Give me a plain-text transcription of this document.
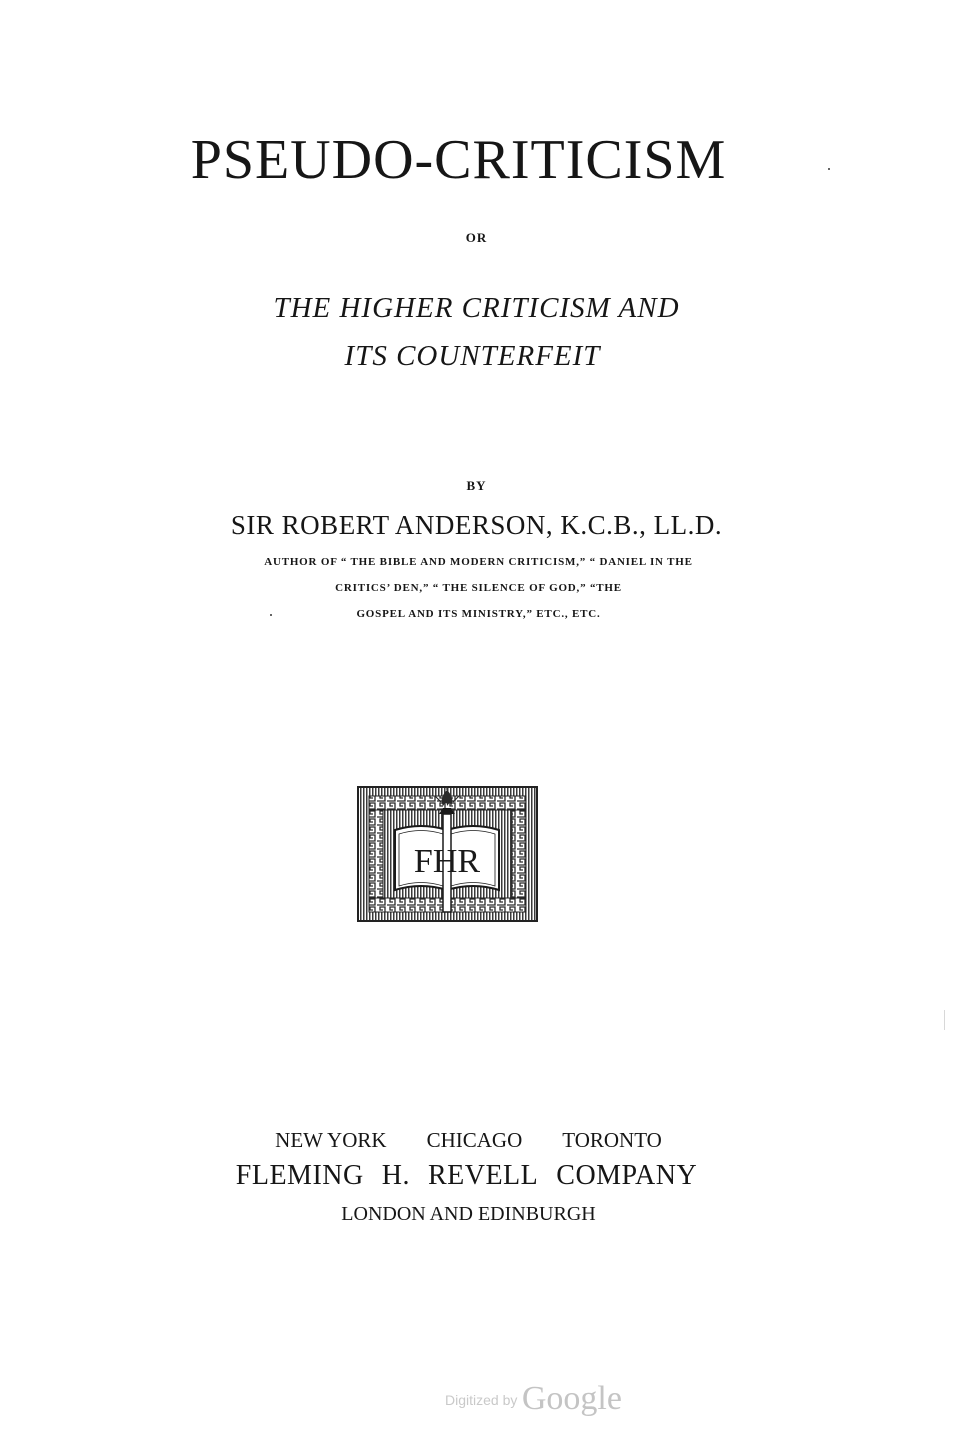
PSEUDO-CRITICISM
OR
THE HIGHER CRITICISM AND
ITS COUNTERFEIT
BY
SIR ROBERT ANDERSON, K.C.B., LL.D.
AUTHOR OF “ THE BIBLE AND MODERN CRITICISM,” “ DANIEL IN THE
CRITICS’ DEN,” “ THE SILENCE OF GOD,” “THE
GOSPEL AND ITS MINISTRY,” ETC., ETC.
FHR
NEW YORK CHICAGO TORONTO
FLEMING H. REVELL COMPANY
LONDON AND EDINBURGH
Digitized by Google
